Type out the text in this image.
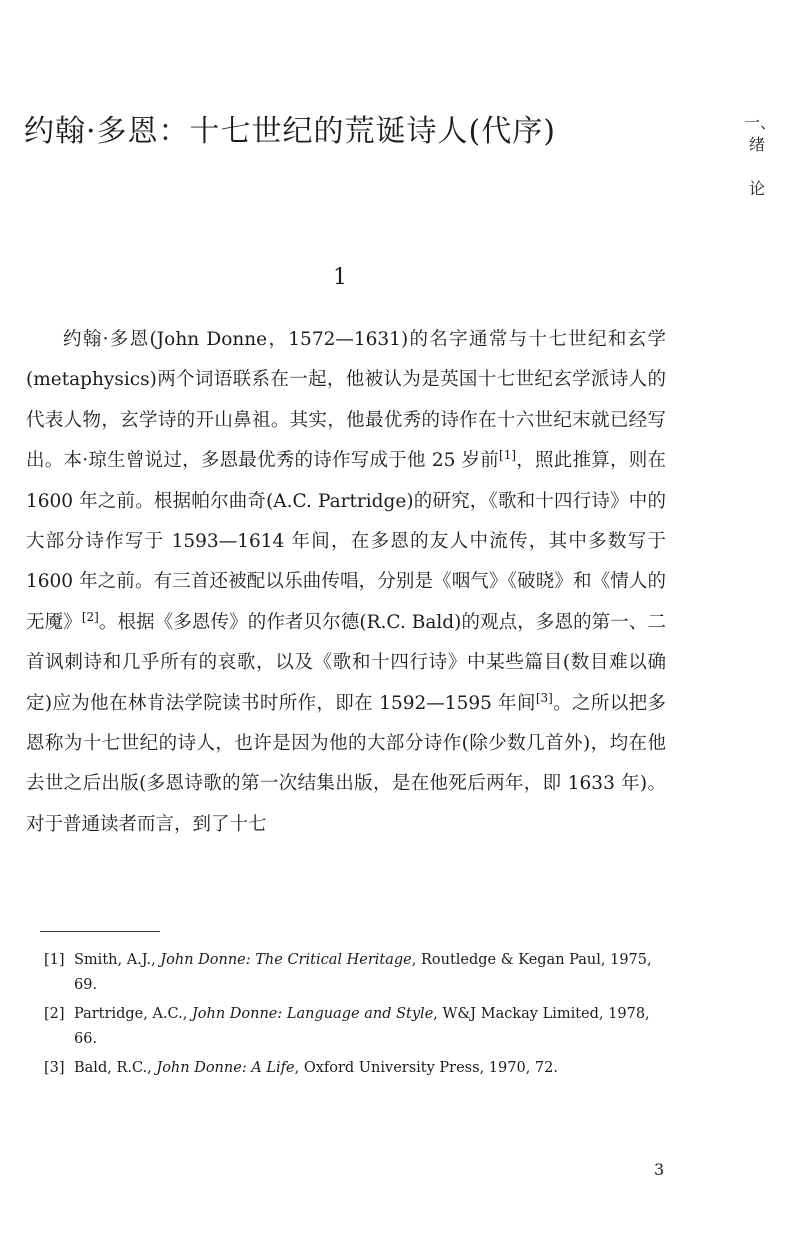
约翰·多恩：十七世纪的荒诞诗人(代序)	一、
绪
论
1

约翰·多恩(John Donne，1572—1631)的名字通常与十七世纪和玄学(metaphysics)两个词语联系在一起，他被认为是英国十七世纪玄学派诗人的代表人物，玄学诗的开山鼻祖。其实，他最优秀的诗作在十六世纪末就已经写出。本·琼生曾说过，多恩最优秀的诗作写成于他 25 岁前[1]，照此推算，则在 1600 年之前。根据帕尔曲奇(A.C. Partridge)的研究，《歌和十四行诗》中的大部分诗作写于 1593—1614 年间，在多恩的友人中流传，其中多数写于 1600 年之前。有三首还被配以乐曲传唱，分别是《咽气》《破晓》和《情人的无魇》[2]。根据《多恩传》的作者贝尔德(R.C. Bald)的观点，多恩的第一、二首讽刺诗和几乎所有的哀歌，以及《歌和十四行诗》中某些篇目(数目难以确定)应为他在林肯法学院读书时所作，即在 1592—1595 年间[3]。之所以把多恩称为十七世纪的诗人，也许是因为他的大部分诗作(除少数几首外)，均在他去世之后出版(多恩诗歌的第一次结集出版，是在他死后两年，即 1633 年)。对于普通读者而言，到了十七

[1] Smith, A.J., John Donne: The Critical Heritage, Routledge & Kegan Paul, 1975, 69.
[2] Partridge, A.C., John Donne: Language and Style, W&J Mackay Limited, 1978, 66.
[3] Bald, R.C., John Donne: A Life, Oxford University Press, 1970, 72.
3
